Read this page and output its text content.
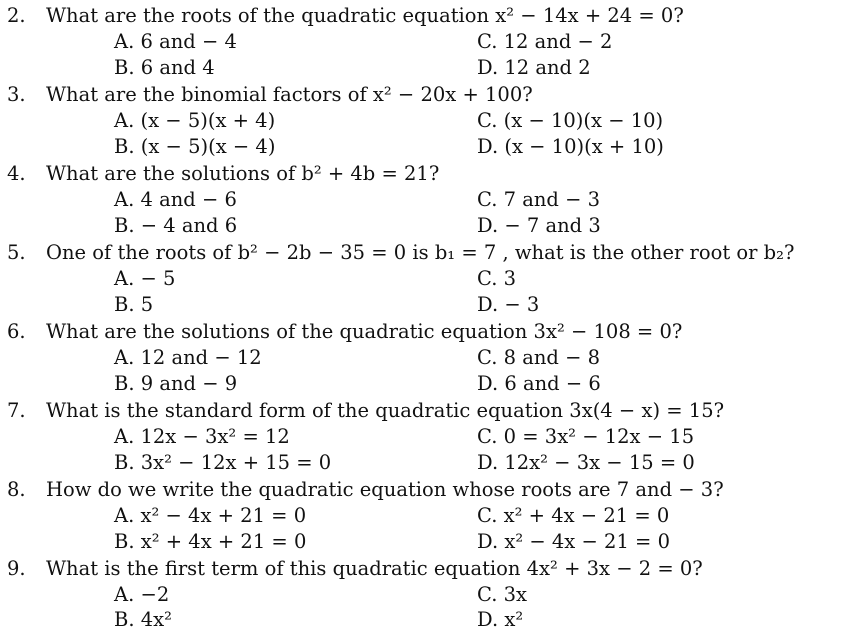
2. What are the roots of the quadratic equation x² − 14x + 24 = 0?
A. 6 and − 4	C. 12 and − 2
B. 6 and 4	D. 12 and 2
3. What are the binomial factors of x² − 20x + 100?
A. (x − 5)(x + 4)	C. (x − 10)(x − 10)
B. (x − 5)(x − 4)	D. (x − 10)(x + 10)
4. What are the solutions of b² + 4b = 21?
A. 4 and − 6	C. 7 and − 3
B. − 4 and 6	D. − 7 and 3
5. One of the roots of b² − 2b − 35 = 0 is b₁ = 7 , what is the other root or b₂?
A. − 5	C. 3
B. 5	D. − 3
6. What are the solutions of the quadratic equation 3x² − 108 = 0?
A. 12 and − 12	C. 8 and − 8
B. 9 and − 9	D. 6 and − 6
7. What is the standard form of the quadratic equation 3x(4 − x) = 15?
A. 12x − 3x² = 12	C. 0 = 3x² − 12x − 15
B. 3x² − 12x + 15 = 0	D. 12x² − 3x − 15 = 0
8. How do we write the quadratic equation whose roots are 7 and − 3?
A. x² − 4x + 21 = 0	C. x² + 4x − 21 = 0
B. x² + 4x + 21 = 0	D. x² − 4x − 21 = 0
9. What is the first term of this quadratic equation 4x² + 3x − 2 = 0?
A. −2	C. 3x
B. 4x²	D. x²
